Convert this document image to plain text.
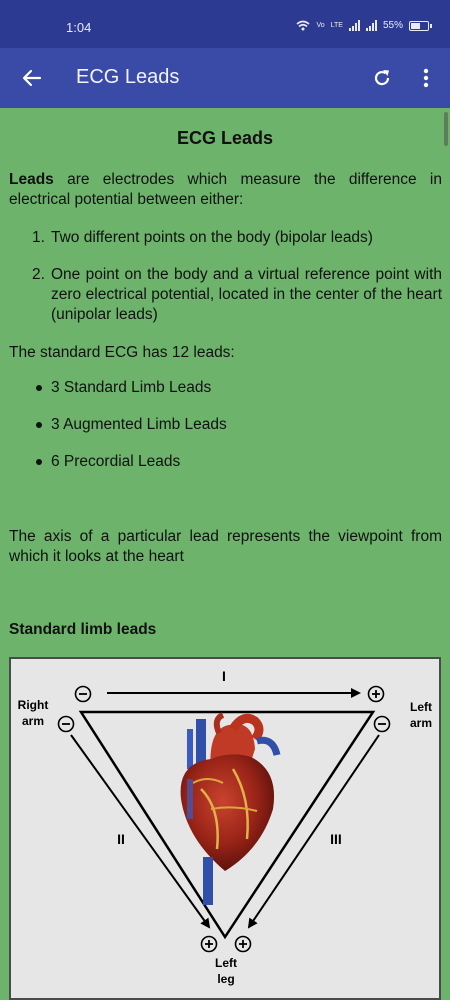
1:04	Vo LTE	55%
ECG Leads
ECG Leads

Leads are electrodes which measure the difference in electrical potential between either:

1. Two different points on the body (bipolar leads)
2. One point on the body and a virtual reference point with zero electrical potential, located in the center of the heart (unipolar leads)

The standard ECG has 12 leads:

3 Standard Limb Leads
3 Augmented Limb Leads
6 Precordial Leads

The axis of a particular lead represents the viewpoint from which it looks at the heart

Standard limb leads
I
II	III
Right
arm
Left
arm
Left
leg
